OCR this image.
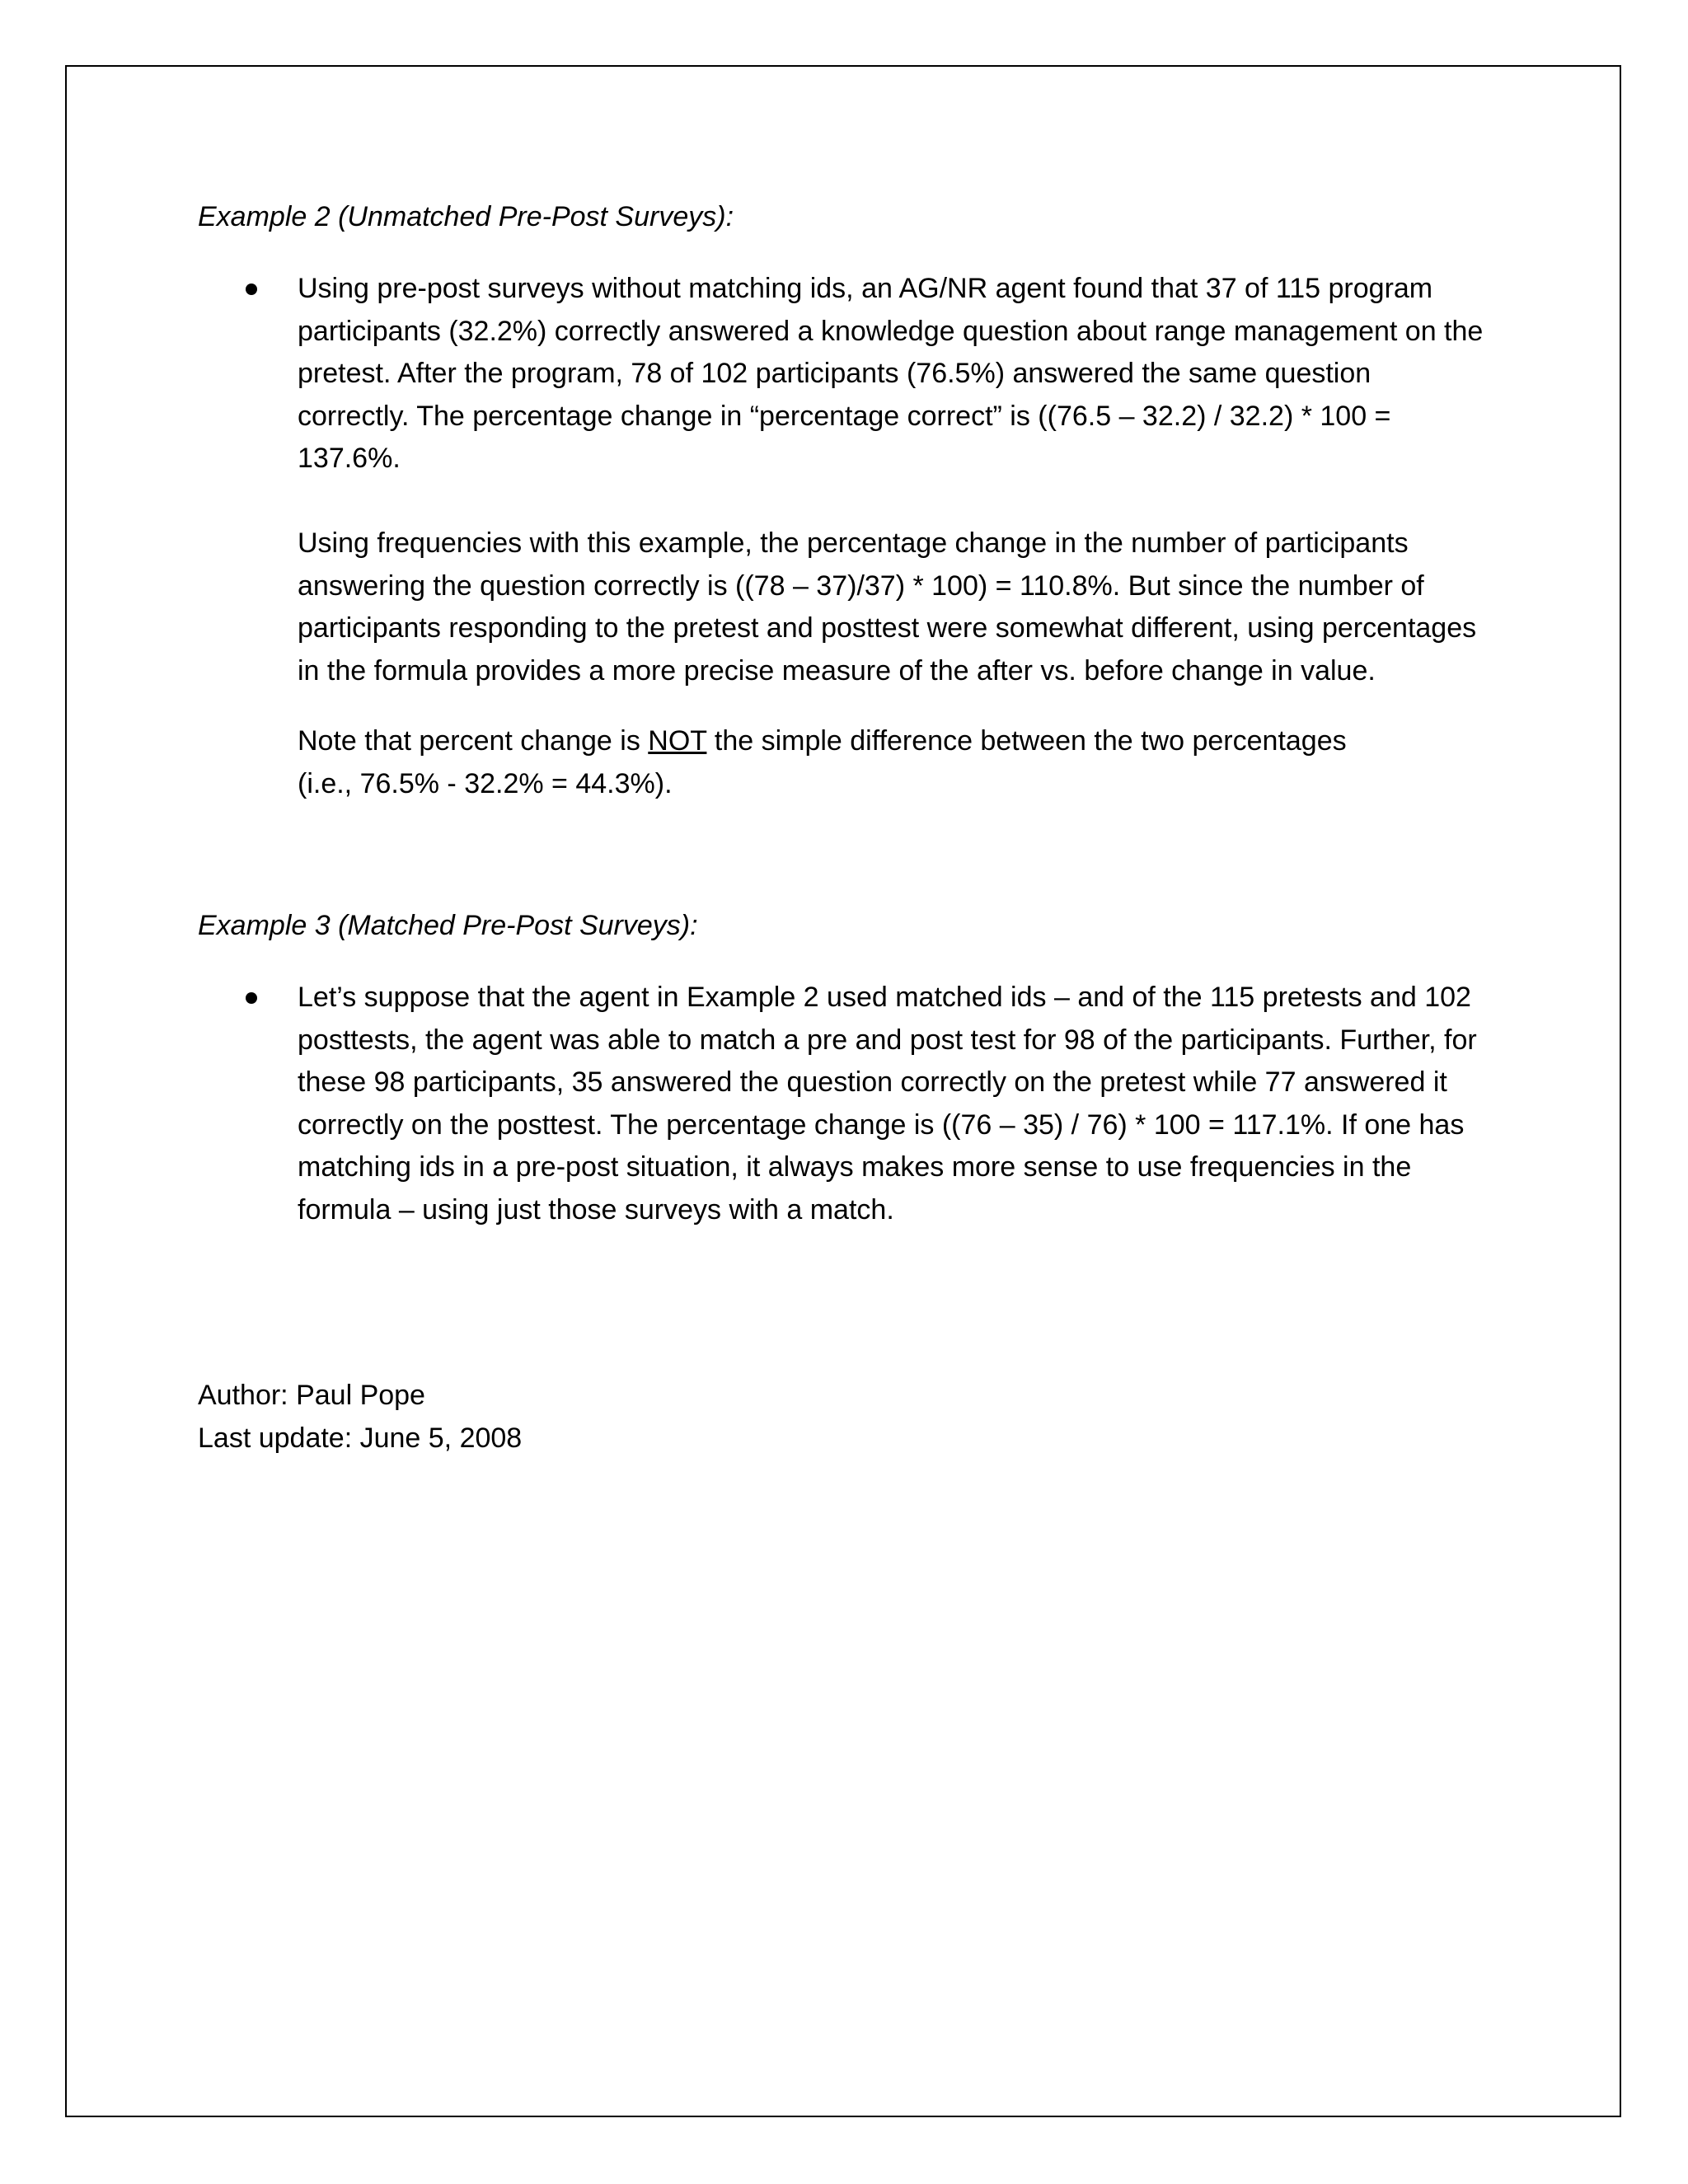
Example 2 (Unmatched Pre-Post Surveys):

Using pre-post surveys without matching ids, an AG/NR agent found that 37 of 115 program
participants (32.2%) correctly answered a knowledge question about range management on the
pretest. After the program, 78 of 102 participants (76.5%) answered the same question
correctly. The percentage change in “percentage correct” is ((76.5 – 32.2) / 32.2) * 100 =
137.6%.
Using frequencies with this example, the percentage change in the number of participants
answering the question correctly is ((78 – 37)/37) * 100) = 110.8%. But since the number of
participants responding to the pretest and posttest were somewhat different, using percentages
in the formula provides a more precise measure of the after vs. before change in value.
Note that percent change is NOT the simple difference between the two percentages
(i.e., 76.5% - 32.2% = 44.3%).

Example 3 (Matched Pre-Post Surveys):

Let’s suppose that the agent in Example 2 used matched ids – and of the 115 pretests and 102
posttests, the agent was able to match a pre and post test for 98 of the participants. Further, for
these 98 participants, 35 answered the question correctly on the pretest while 77 answered it
correctly on the posttest. The percentage change is ((76 – 35) / 76) * 100 = 117.1%. If one has
matching ids in a pre-post situation, it always makes more sense to use frequencies in the
formula – using just those surveys with a match.
Author: Paul Pope
Last update: June 5, 2008
